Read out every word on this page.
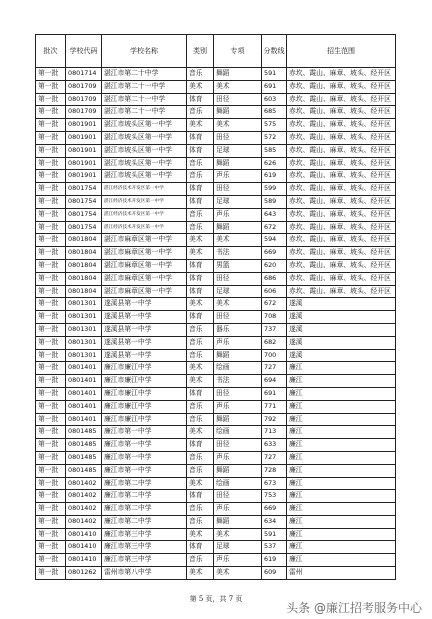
批次	学校代码	学校名称	类别	专项	分数线	招生范围
第一批	0801714	湛江市第二十中学	音乐	舞蹈	591	赤坎、霞山、麻章、坡头、经开区
第一批	0801709	湛江市第二十一中学	美术	美术	691	赤坎、霞山、麻章、坡头、经开区
第一批	0801709	湛江市第二十一中学	体育	田径	603	赤坎、霞山、麻章、坡头、经开区
第一批	0801709	湛江市第二十一中学	音乐	舞蹈	685	赤坎、霞山、麻章、坡头、经开区
第一批	0801901	湛江市坡头区第一中学	美术	美术	575	赤坎、霞山、麻章、坡头、经开区
第一批	0801901	湛江市坡头区第一中学	体育	田径	572	赤坎、霞山、麻章、坡头、经开区
第一批	0801901	湛江市坡头区第一中学	体育	足球	585	赤坎、霞山、麻章、坡头、经开区
第一批	0801901	湛江市坡头区第一中学	音乐	舞蹈	626	赤坎、霞山、麻章、坡头、经开区
第一批	0801901	湛江市坡头区第一中学	音乐	声乐	619	赤坎、霞山、麻章、坡头、经开区
第一批	0801754	湛江经济技术开发区第一中学	体育	田径	599	赤坎、霞山、麻章、坡头、经开区
第一批	0801754	湛江经济技术开发区第一中学	体育	足球	589	赤坎、霞山、麻章、坡头、经开区
第一批	0801754	湛江经济技术开发区第一中学	音乐	声乐	643	赤坎、霞山、麻章、坡头、经开区
第一批	0801754	湛江经济技术开发区第一中学	音乐	舞蹈	672	赤坎、霞山、麻章、坡头、经开区
第一批	0801804	湛江市麻章区第一中学	美术	美术	594	赤坎、霞山、麻章、坡头、经开区
第一批	0801804	湛江市麻章区第一中学	美术	书法	669	赤坎、霞山、麻章、坡头、经开区
第一批	0801804	湛江市麻章区第一中学	体育	男篮	620	赤坎、霞山、麻章、坡头、经开区
第一批	0801804	湛江市麻章区第一中学	体育	田径	686	赤坎、霞山、麻章、坡头、经开区
第一批	0801804	湛江市麻章区第一中学	体育	足球	606	赤坎、霞山、麻章、坡头、经开区
第一批	0801301	遂溪县第一中学	美术	美术	672	遂溪
第一批	0801301	遂溪县第一中学	体育	田径	708	遂溪
第一批	0801301	遂溪县第一中学	音乐	器乐	737	遂溪
第一批	0801301	遂溪县第一中学	音乐	声乐	682	遂溪
第一批	0801301	遂溪县第一中学	音乐	舞蹈	700	遂溪
第一批	0801401	廉江市廉江中学	美术	绘画	727	廉江
第一批	0801401	廉江市廉江中学	美术	书法	694	廉江
第一批	0801401	廉江市廉江中学	体育	田径	691	廉江
第一批	0801401	廉江市廉江中学	音乐	声乐	771	廉江
第一批	0801401	廉江市廉江中学	音乐	舞蹈	792	廉江
第一批	0801485	廉江市第一中学	美术	绘画	713	廉江
第一批	0801485	廉江市第一中学	体育	田径	633	廉江
第一批	0801485	廉江市第一中学	音乐	声乐	727	廉江
第一批	0801485	廉江市第一中学	音乐	舞蹈	728	廉江
第一批	0801402	廉江市第二中学	美术	绘画	673	廉江
第一批	0801402	廉江市第二中学	体育	田径	753	廉江
第一批	0801402	廉江市第二中学	音乐	声乐	669	廉江
第一批	0801402	廉江市第二中学	音乐	舞蹈	634	廉江
第一批	0801410	廉江市第三中学	美术	美术	591	廉江
第一批	0801410	廉江市第三中学	体育	足球	537	廉江
第一批	0801410	廉江市第三中学	音乐	声乐	619	廉江
第一批	0801262	雷州市第八中学	美术	美术	609	雷州
第 5 页，共 7 页
头条 @廉江招考服务中心
